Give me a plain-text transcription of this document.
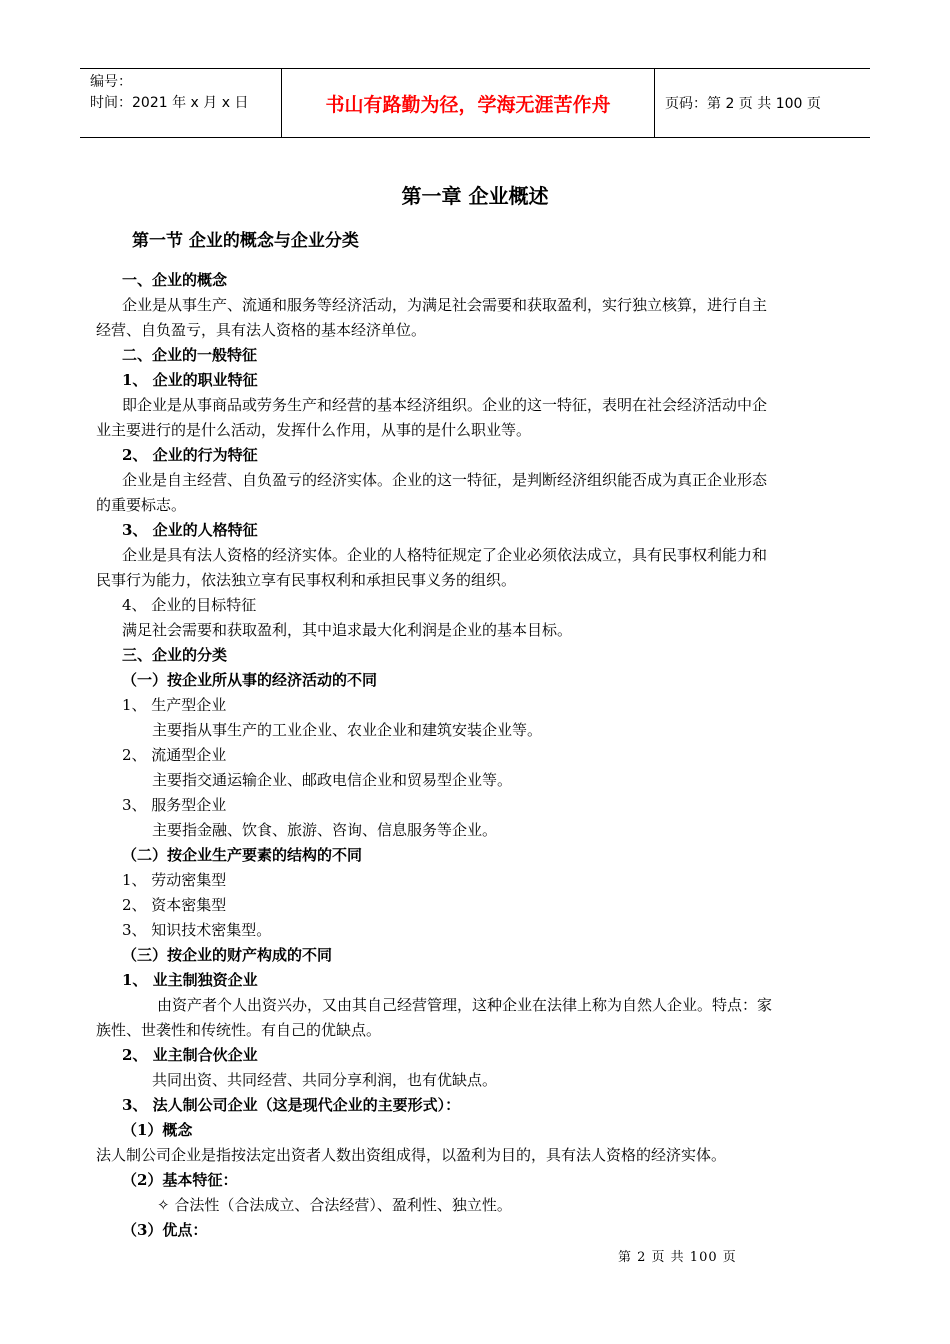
编号：
时间：2021 年 x 月 x 日	书山有路勤为径，学海无涯苦作舟	页码：第 2 页 共 100 页
第一章 企业概述
第一节 企业的概念与企业分类
一、企业的概念
企业是从事生产、流通和服务等经济活动，为满足社会需要和获取盈利，实行独立核算，进行自主
经营、自负盈亏，具有法人资格的基本经济单位。
二、企业的一般特征
1、 企业的职业特征
即企业是从事商品或劳务生产和经营的基本经济组织。企业的这一特征，表明在社会经济活动中企
业主要进行的是什么活动，发挥什么作用，从事的是什么职业等。
2、 企业的行为特征
企业是自主经营、自负盈亏的经济实体。企业的这一特征，是判断经济组织能否成为真正企业形态
的重要标志。
3、 企业的人格特征
企业是具有法人资格的经济实体。企业的人格特征规定了企业必须依法成立，具有民事权利能力和
民事行为能力，依法独立享有民事权利和承担民事义务的组织。
4、 企业的目标特征
满足社会需要和获取盈利，其中追求最大化利润是企业的基本目标。
三、企业的分类
（一）按企业所从事的经济活动的不同
1、 生产型企业
主要指从事生产的工业企业、农业企业和建筑安装企业等。
2、 流通型企业
主要指交通运输企业、邮政电信企业和贸易型企业等。
3、 服务型企业
主要指金融、饮食、旅游、咨询、信息服务等企业。
（二）按企业生产要素的结构的不同
1、 劳动密集型
2、 资本密集型
3、 知识技术密集型。
（三）按企业的财产构成的不同
1、 业主制独资企业
由资产者个人出资兴办，又由其自己经营管理，这种企业在法律上称为自然人企业。特点：家
族性、世袭性和传统性。有自己的优缺点。
2、 业主制合伙企业
共同出资、共同经营、共同分享利润，也有优缺点。
3、 法人制公司企业（这是现代企业的主要形式）：
（1）概念
法人制公司企业是指按法定出资者人数出资组成得，以盈利为目的，具有法人资格的经济实体。
（2）基本特征：
✧ 合法性（合法成立、合法经营）、盈利性、独立性。
（3）优点：
第 2 页 共 100 页
